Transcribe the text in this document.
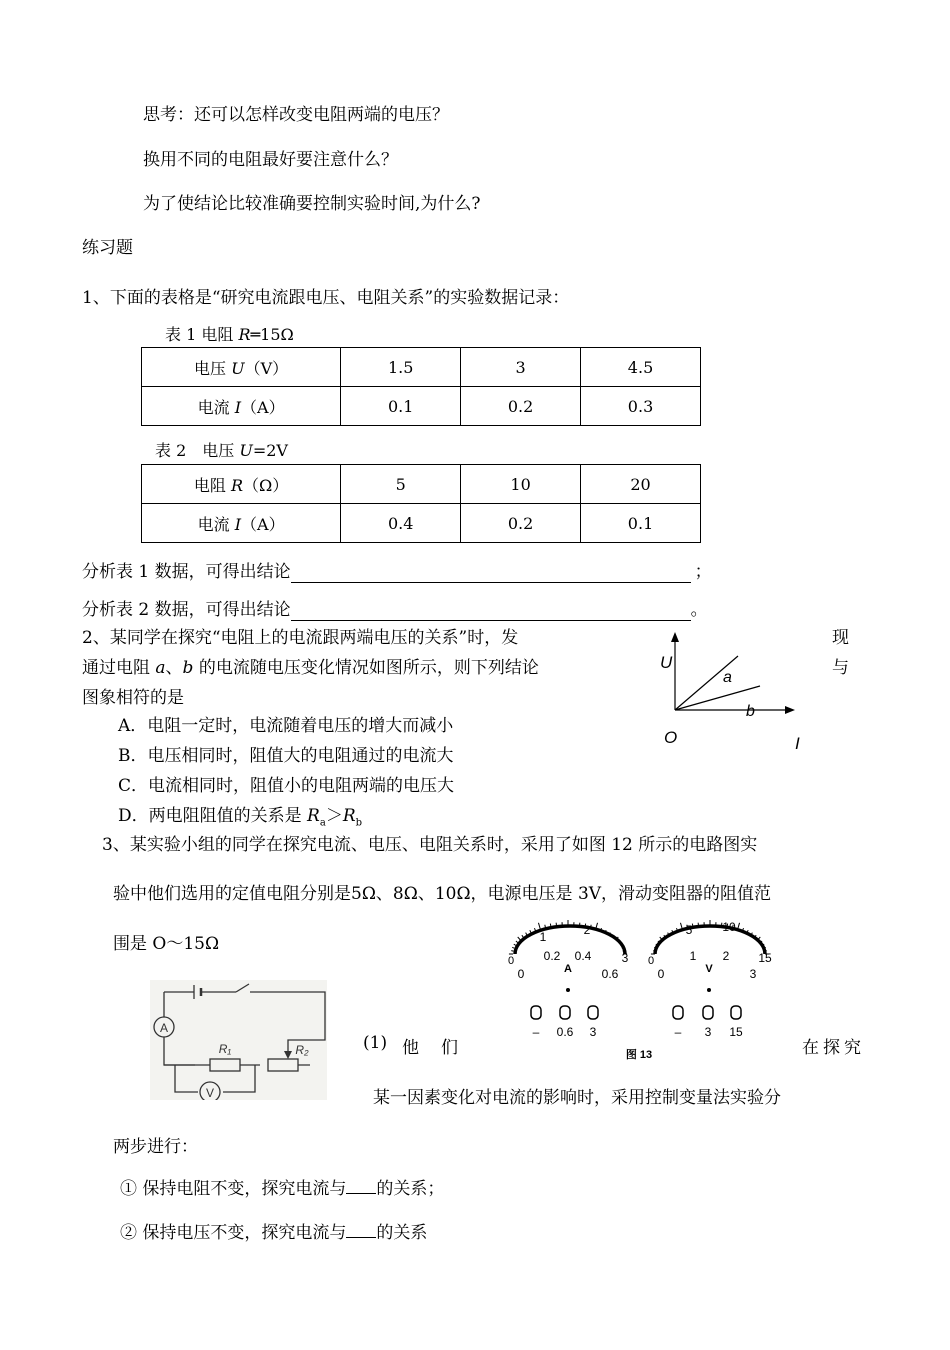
思考：还可以怎样改变电阻两端的电压？
换用不同的电阻最好要注意什么？
为了使结论比较准确要控制实验时间,为什么?
练习题
1、下面的表格是“研究电流跟电压、电阻关系”的实验数据记录：
表 1 电阻 R═15Ω
电压 U（V）	1.5	3	4.5
电流 I（A）	0.1	0.2	0.3
表 2　电压 U=2V
电阻 R（Ω）	5	10	20
电流 I（A）	0.4	0.2	0.1
分析表 1 数据，可得出结论	；
分析表 2 数据，可得出结论	。
2、某同学在探究“电阻上的电流跟两端电压的关系”时，发	现
通过电阻 a、b 的电流随电压变化情况如图所示，则下列结论	与
图象相符的是
A．电阻一定时，电流随着电压的增大而减小
B．电压相同时，阻值大的电阻通过的电流大
C．电流相同时，阻值小的电阻两端的电压大
D．两电阻阻值的关系是 $R_a>R_b$
U
a
b
O	I
3、某实验小组的同学在探究电流、电压、电阻关系时，采用了如图 12 所示的电路图实
验中他们选用的定值电阻分别是5Ω、8Ω、10Ω，电源电压是 3V，滑动变阻器的阻值范
围是 O～15Ω
A
V
R₁	R₂
0
1	2
3
0
0.2 0.4
0.6
A
0
5 10
15
0
1 2
3
V
– 0.6 3	– 3 15
图 13
(1) 他 们	在探究
某一因素变化对电流的影响时，采用控制变量法实验分
两步进行：
① 保持电阻不变，探究电流与 的关系；
② 保持电压不变，探究电流与 的关系
